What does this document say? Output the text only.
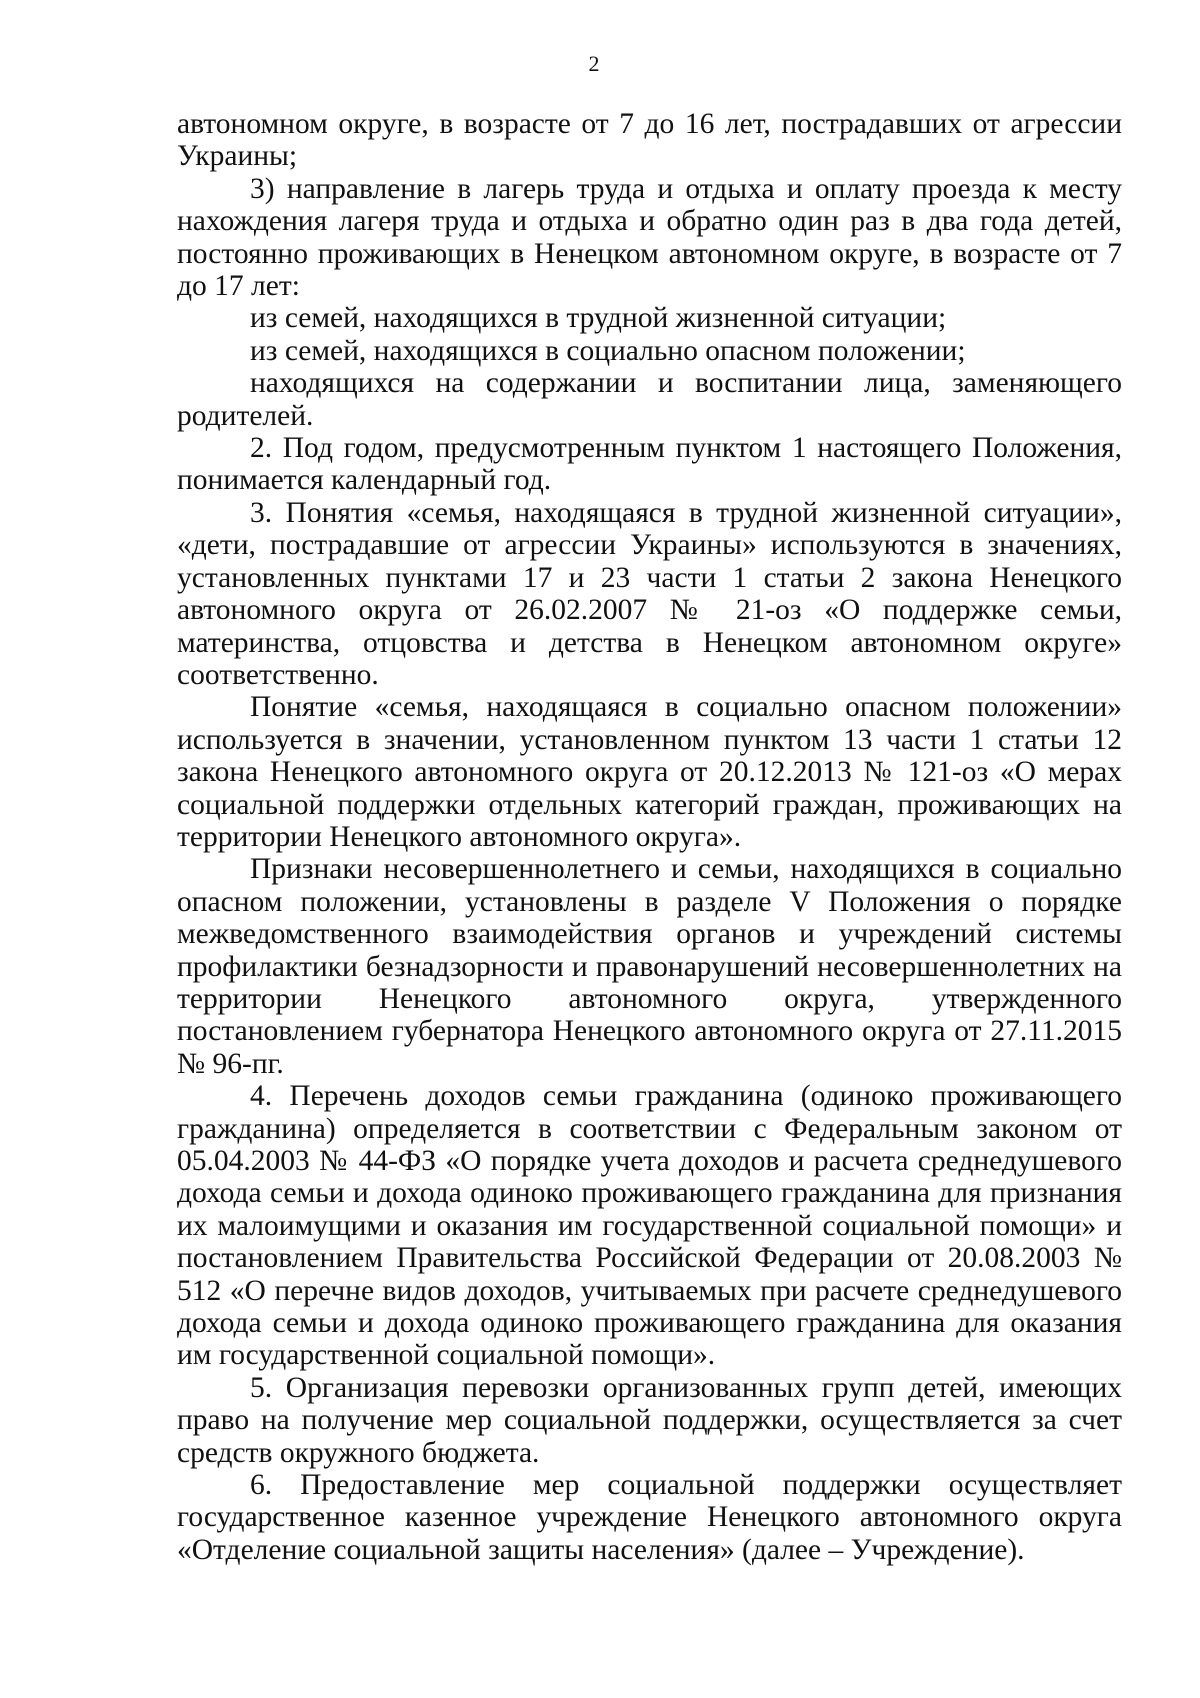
2

автономном округе, в возрасте от 7 до 16 лет, пострадавших от агрессии Украины;

3) направление в лагерь труда и отдыха и оплату проезда к месту нахождения лагеря труда и отдыха и обратно один раз в два года детей, постоянно проживающих в Ненецком автономном округе, в возрасте от 7 до 17 лет:

из семей, находящихся в трудной жизненной ситуации;

из семей, находящихся в социально опасном положении;

находящихся на содержании и воспитании лица, заменяющего родителей.

2. Под годом, предусмотренным пунктом 1 настоящего Положения, понимается календарный год.

3. Понятия «семья, находящаяся в трудной жизненной ситуации», «дети, пострадавшие от агрессии Украины» используются в значениях, установленных пунктами 17 и 23 части 1 статьи 2 закона Ненецкого автономного округа от 26.02.2007 № 21-оз «О поддержке семьи, материнства, отцовства и детства в Ненецком автономном округе» соответственно.

Понятие «семья, находящаяся в социально опасном положении» используется в значении, установленном пунктом 13 части 1 статьи 12 закона Ненецкого автономного округа от 20.12.2013 № 121-оз «О мерах социальной поддержки отдельных категорий граждан, проживающих на территории Ненецкого автономного округа».

Признаки несовершеннолетнего и семьи, находящихся в социально опасном положении, установлены в разделе V Положения о порядке межведомственного взаимодействия органов и учреждений системы профилактики безнадзорности и правонарушений несовершеннолетних на территории Ненецкого автономного округа, утвержденного постановлением губернатора Ненецкого автономного округа от 27.11.2015 № 96-пг.

4. Перечень доходов семьи гражданина (одиноко проживающего гражданина) определяется в соответствии с Федеральным законом от 05.04.2003 № 44-ФЗ «О порядке учета доходов и расчета среднедушевого дохода семьи и дохода одиноко проживающего гражданина для признания их малоимущими и оказания им государственной социальной помощи» и постановлением Правительства Российской Федерации от 20.08.2003 № 512 «О перечне видов доходов, учитываемых при расчете среднедушевого дохода семьи и дохода одиноко проживающего гражданина для оказания им государственной социальной помощи».

5. Организация перевозки организованных групп детей, имеющих право на получение мер социальной поддержки, осуществляется за счет средств окружного бюджета.

6. Предоставление мер социальной поддержки осуществляет государственное казенное учреждение Ненецкого автономного округа «Отделение социальной защиты населения» (далее – Учреждение).
